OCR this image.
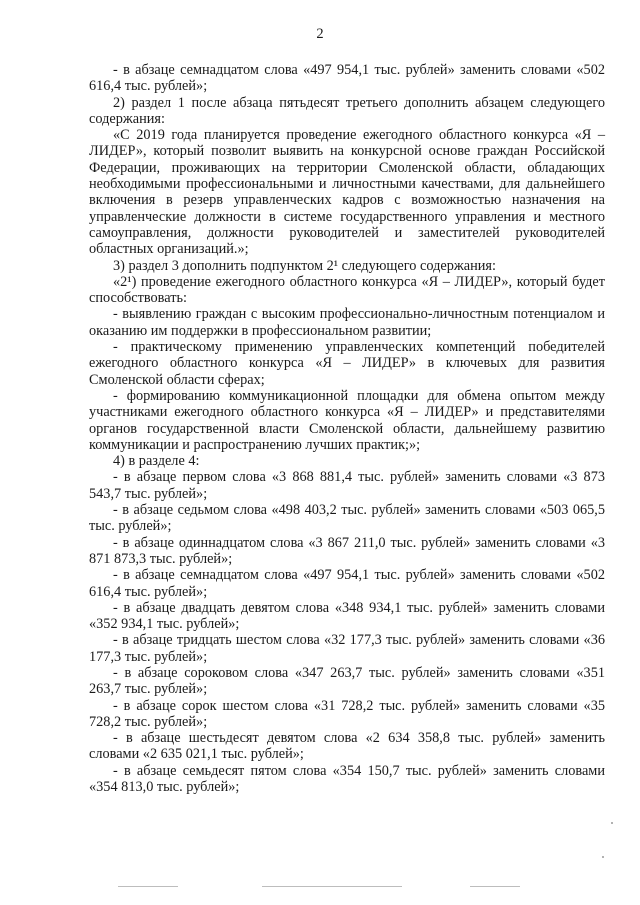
2

- в абзаце семнадцатом слова «497 954,1 тыс. рублей» заменить словами «502 616,4 тыс. рублей»;

2) раздел 1 после абзаца пятьдесят третьего дополнить абзацем следующего содержания:

«С 2019 года планируется проведение ежегодного областного конкурса «Я – ЛИДЕР», который позволит выявить на конкурсной основе граждан Российской Федерации, проживающих на территории Смоленской области, обладающих необходимыми профессиональными и личностными качествами, для дальнейшего включения в резерв управленческих кадров с возможностью назначения на управленческие должности в системе государственного управления и местного самоуправления, должности руководителей и заместителей руководителей областных организаций.»;

3) раздел 3 дополнить подпунктом 2¹ следующего содержания:

«2¹) проведение ежегодного областного конкурса «Я – ЛИДЕР», который будет способствовать:

- выявлению граждан с высоким профессионально-личностным потенциалом и оказанию им поддержки в профессиональном развитии;

- практическому применению управленческих компетенций победителей ежегодного областного конкурса «Я – ЛИДЕР» в ключевых для развития Смоленской области сферах;

- формированию коммуникационной площадки для обмена опытом между участниками ежегодного областного конкурса «Я – ЛИДЕР» и представителями органов государственной власти Смоленской области, дальнейшему развитию коммуникации и распространению лучших практик;»;

4) в разделе 4:

- в абзаце первом слова «3 868 881,4 тыс. рублей» заменить словами «3 873 543,7 тыс. рублей»;

- в абзаце седьмом слова «498 403,2 тыс. рублей» заменить словами «503 065,5 тыс. рублей»;

- в абзаце одиннадцатом слова «3 867 211,0 тыс. рублей» заменить словами «3 871 873,3 тыс. рублей»;

- в абзаце семнадцатом слова «497 954,1 тыс. рублей» заменить словами «502 616,4 тыс. рублей»;

- в абзаце двадцать девятом слова «348 934,1 тыс. рублей» заменить словами «352 934,1 тыс. рублей»;

- в абзаце тридцать шестом слова «32 177,3 тыс. рублей» заменить словами «36 177,3 тыс. рублей»;

- в абзаце сороковом слова «347 263,7 тыс. рублей» заменить словами «351 263,7 тыс. рублей»;

- в абзаце сорок шестом слова «31 728,2 тыс. рублей» заменить словами «35 728,2 тыс. рублей»;

- в абзаце шестьдесят девятом слова «2 634 358,8 тыс. рублей» заменить словами «2 635 021,1 тыс. рублей»;

- в абзаце семьдесят пятом слова «354 150,7 тыс. рублей» заменить словами «354 813,0 тыс. рублей»;
